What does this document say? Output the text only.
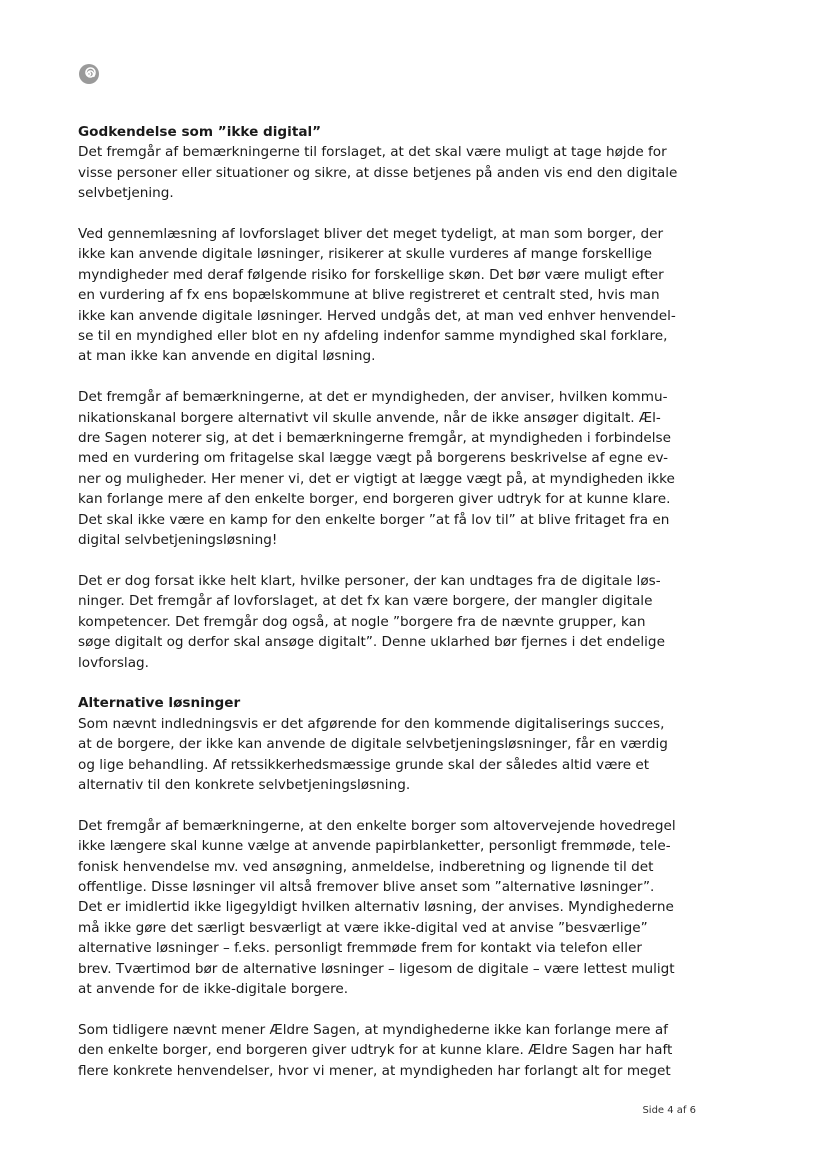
Godkendelse som ”ikke digital”
Det fremgår af bemærkningerne til forslaget, at det skal være muligt at tage højde for
visse personer eller situationer og sikre, at disse betjenes på anden vis end den digitale
selvbetjening.
Ved gennemlæsning af lovforslaget bliver det meget tydeligt, at man som borger, der
ikke kan anvende digitale løsninger, risikerer at skulle vurderes af mange forskellige
myndigheder med deraf følgende risiko for forskellige skøn. Det bør være muligt efter
en vurdering af fx ens bopælskommune at blive registreret et centralt sted, hvis man
ikke kan anvende digitale løsninger. Herved undgås det, at man ved enhver henvendel-
se til en myndighed eller blot en ny afdeling indenfor samme myndighed skal forklare,
at man ikke kan anvende en digital løsning.
Det fremgår af bemærkningerne, at det er myndigheden, der anviser, hvilken kommu-
nikationskanal borgere alternativt vil skulle anvende, når de ikke ansøger digitalt. Æl-
dre Sagen noterer sig, at det i bemærkningerne fremgår, at myndigheden i forbindelse
med en vurdering om fritagelse skal lægge vægt på borgerens beskrivelse af egne ev-
ner og muligheder. Her mener vi, det er vigtigt at lægge vægt på, at myndigheden ikke
kan forlange mere af den enkelte borger, end borgeren giver udtryk for at kunne klare.
Det skal ikke være en kamp for den enkelte borger ”at få lov til” at blive fritaget fra en
digital selvbetjeningsløsning!
Det er dog forsat ikke helt klart, hvilke personer, der kan undtages fra de digitale løs-
ninger. Det fremgår af lovforslaget, at det fx kan være borgere, der mangler digitale
kompetencer. Det fremgår dog også, at nogle ”borgere fra de nævnte grupper, kan
søge digitalt og derfor skal ansøge digitalt”. Denne uklarhed bør fjernes i det endelige
lovforslag.
Alternative løsninger
Som nævnt indledningsvis er det afgørende for den kommende digitaliserings succes,
at de borgere, der ikke kan anvende de digitale selvbetjeningsløsninger, får en værdig
og lige behandling. Af retssikkerhedsmæssige grunde skal der således altid være et
alternativ til den konkrete selvbetjeningsløsning.
Det fremgår af bemærkningerne, at den enkelte borger som altovervejende hovedregel
ikke længere skal kunne vælge at anvende papirblanketter, personligt fremmøde, tele-
fonisk henvendelse mv. ved ansøgning, anmeldelse, indberetning og lignende til det
offentlige. Disse løsninger vil altså fremover blive anset som ”alternative løsninger”.
Det er imidlertid ikke ligegyldigt hvilken alternativ løsning, der anvises. Myndighederne
må ikke gøre det særligt besværligt at være ikke-digital ved at anvise ”besværlige”
alternative løsninger – f.eks. personligt fremmøde frem for kontakt via telefon eller
brev. Tværtimod bør de alternative løsninger – ligesom de digitale – være lettest muligt
at anvende for de ikke-digitale borgere.
Som tidligere nævnt mener Ældre Sagen, at myndighederne ikke kan forlange mere af
den enkelte borger, end borgeren giver udtryk for at kunne klare. Ældre Sagen har haft
flere konkrete henvendelser, hvor vi mener, at myndigheden har forlangt alt for meget
Side 4 af 6
